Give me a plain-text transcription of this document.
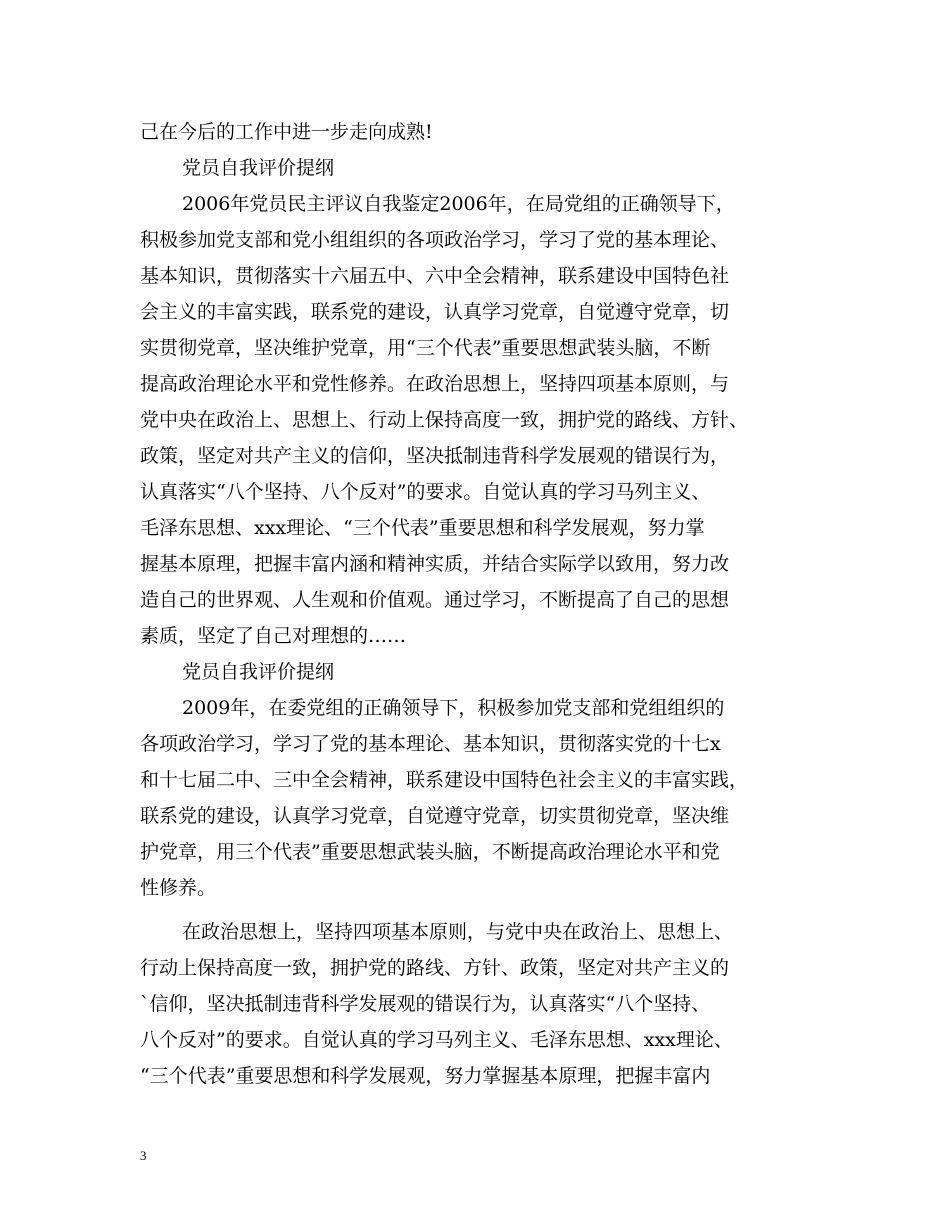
己在今后的工作中进一步走向成熟!
党员自我评价提纲
2006年党员民主评议自我鉴定2006年，在局党组的正确领导下，
积极参加党支部和党小组组织的各项政治学习，学习了党的基本理论、
基本知识，贯彻落实十六届五中、六中全会精神，联系建设中国特色社
会主义的丰富实践，联系党的建设，认真学习党章，自觉遵守党章，切
实贯彻党章，坚决维护党章，用“三个代表”重要思想武装头脑，不断
提高政治理论水平和党性修养。在政治思想上，坚持四项基本原则，与
党中央在政治上、思想上、行动上保持高度一致，拥护党的路线、方针、
政策，坚定对共产主义的信仰，坚决抵制违背科学发展观的错误行为，
认真落实“八个坚持、八个反对”的要求。自觉认真的学习马列主义、
毛泽东思想、xxx理论、“三个代表”重要思想和科学发展观，努力掌
握基本原理，把握丰富内涵和精神实质，并结合实际学以致用，努力改
造自己的世界观、人生观和价值观。通过学习，不断提高了自己的思想
素质，坚定了自己对理想的……
党员自我评价提纲
2009年，在委党组的正确领导下，积极参加党支部和党组组织的
各项政治学习，学习了党的基本理论、基本知识，贯彻落实党的十七x
和十七届二中、三中全会精神，联系建设中国特色社会主义的丰富实践，
联系党的建设，认真学习党章，自觉遵守党章，切实贯彻党章，坚决维
护党章，用三个代表”重要思想武装头脑，不断提高政治理论水平和党
性修养。
在政治思想上，坚持四项基本原则，与党中央在政治上、思想上、
行动上保持高度一致，拥护党的路线、方针、政策，坚定对共产主义的
`信仰，坚决抵制违背科学发展观的错误行为，认真落实“八个坚持、
八个反对”的要求。自觉认真的学习马列主义、毛泽东思想、xxx理论、
“三个代表”重要思想和科学发展观，努力掌握基本原理，把握丰富内
3
